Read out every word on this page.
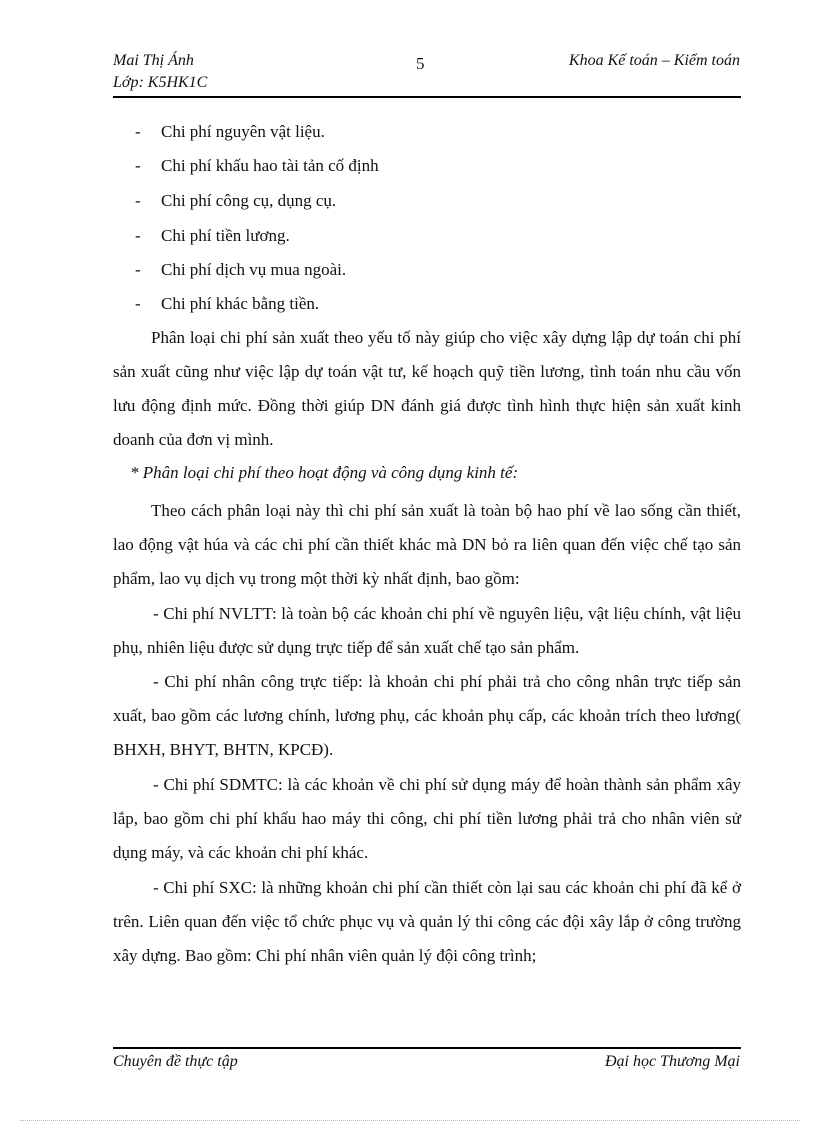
Mai Thị Ánh
Lớp: K5HK1C
5	Khoa Kế toán – Kiểm toán
- Chi phí nguyên vật liệu.
- Chi phí khấu hao tài tản cố định
- Chi phí công cụ, dụng cụ.
- Chi phí tiền lương.
- Chi phí dịch vụ mua ngoài.
- Chi phí khác bằng tiền.
Phân loại chi phí sản xuất theo yếu tố này giúp cho việc xây dựng lập dự toán chi phí sản xuất cũng như việc lập dự toán vật tư, kế hoạch quỹ tiền lương, tình toán nhu cầu vốn lưu động định mức. Đồng thời giúp DN đánh giá được tình hình thực hiện sản xuất kinh doanh của đơn vị mình.
* Phân loại chi phí theo hoạt động và công dụng kinh tế:
Theo cách phân loại này thì chi phí sản xuất là toàn bộ hao phí về lao sống cần thiết, lao động vật húa và các chi phí cần thiết khác mà DN bỏ ra liên quan đến việc chế tạo sản phẩm, lao vụ dịch vụ trong một thời kỳ nhất định, bao gồm:
- Chi phí NVLTT: là toàn bộ các khoản chi phí về nguyên liệu, vật liệu chính, vật liệu phụ, nhiên liệu được sử dụng trực tiếp để sản xuất chế tạo sản phẩm.
- Chi phí nhân công trực tiếp: là khoản chi phí phải trả cho công nhân trực tiếp sản xuất, bao gồm các lương chính, lương phụ, các khoản phụ cấp, các khoản trích theo lương( BHXH, BHYT, BHTN, KPCĐ).
- Chi phí SDMTC: là các khoản về chi phí sử dụng máy để hoàn thành sản phẩm xây lắp, bao gồm chi phí khấu hao máy thi công, chi phí tiền lương phải trả cho nhân viên sử dụng máy, và các khoản chi phí khác.
- Chi phí SXC: là những khoản chi phí cần thiết còn lại sau các khoản chi phí đã kể ở trên. Liên quan đến việc tổ chức phục vụ và quản lý thi công các đội xây lắp ở công trường xây dựng. Bao gồm: Chi phí nhân viên quản lý đội công trình;
Chuyên đề thực tập	Đại học Thương Mại
